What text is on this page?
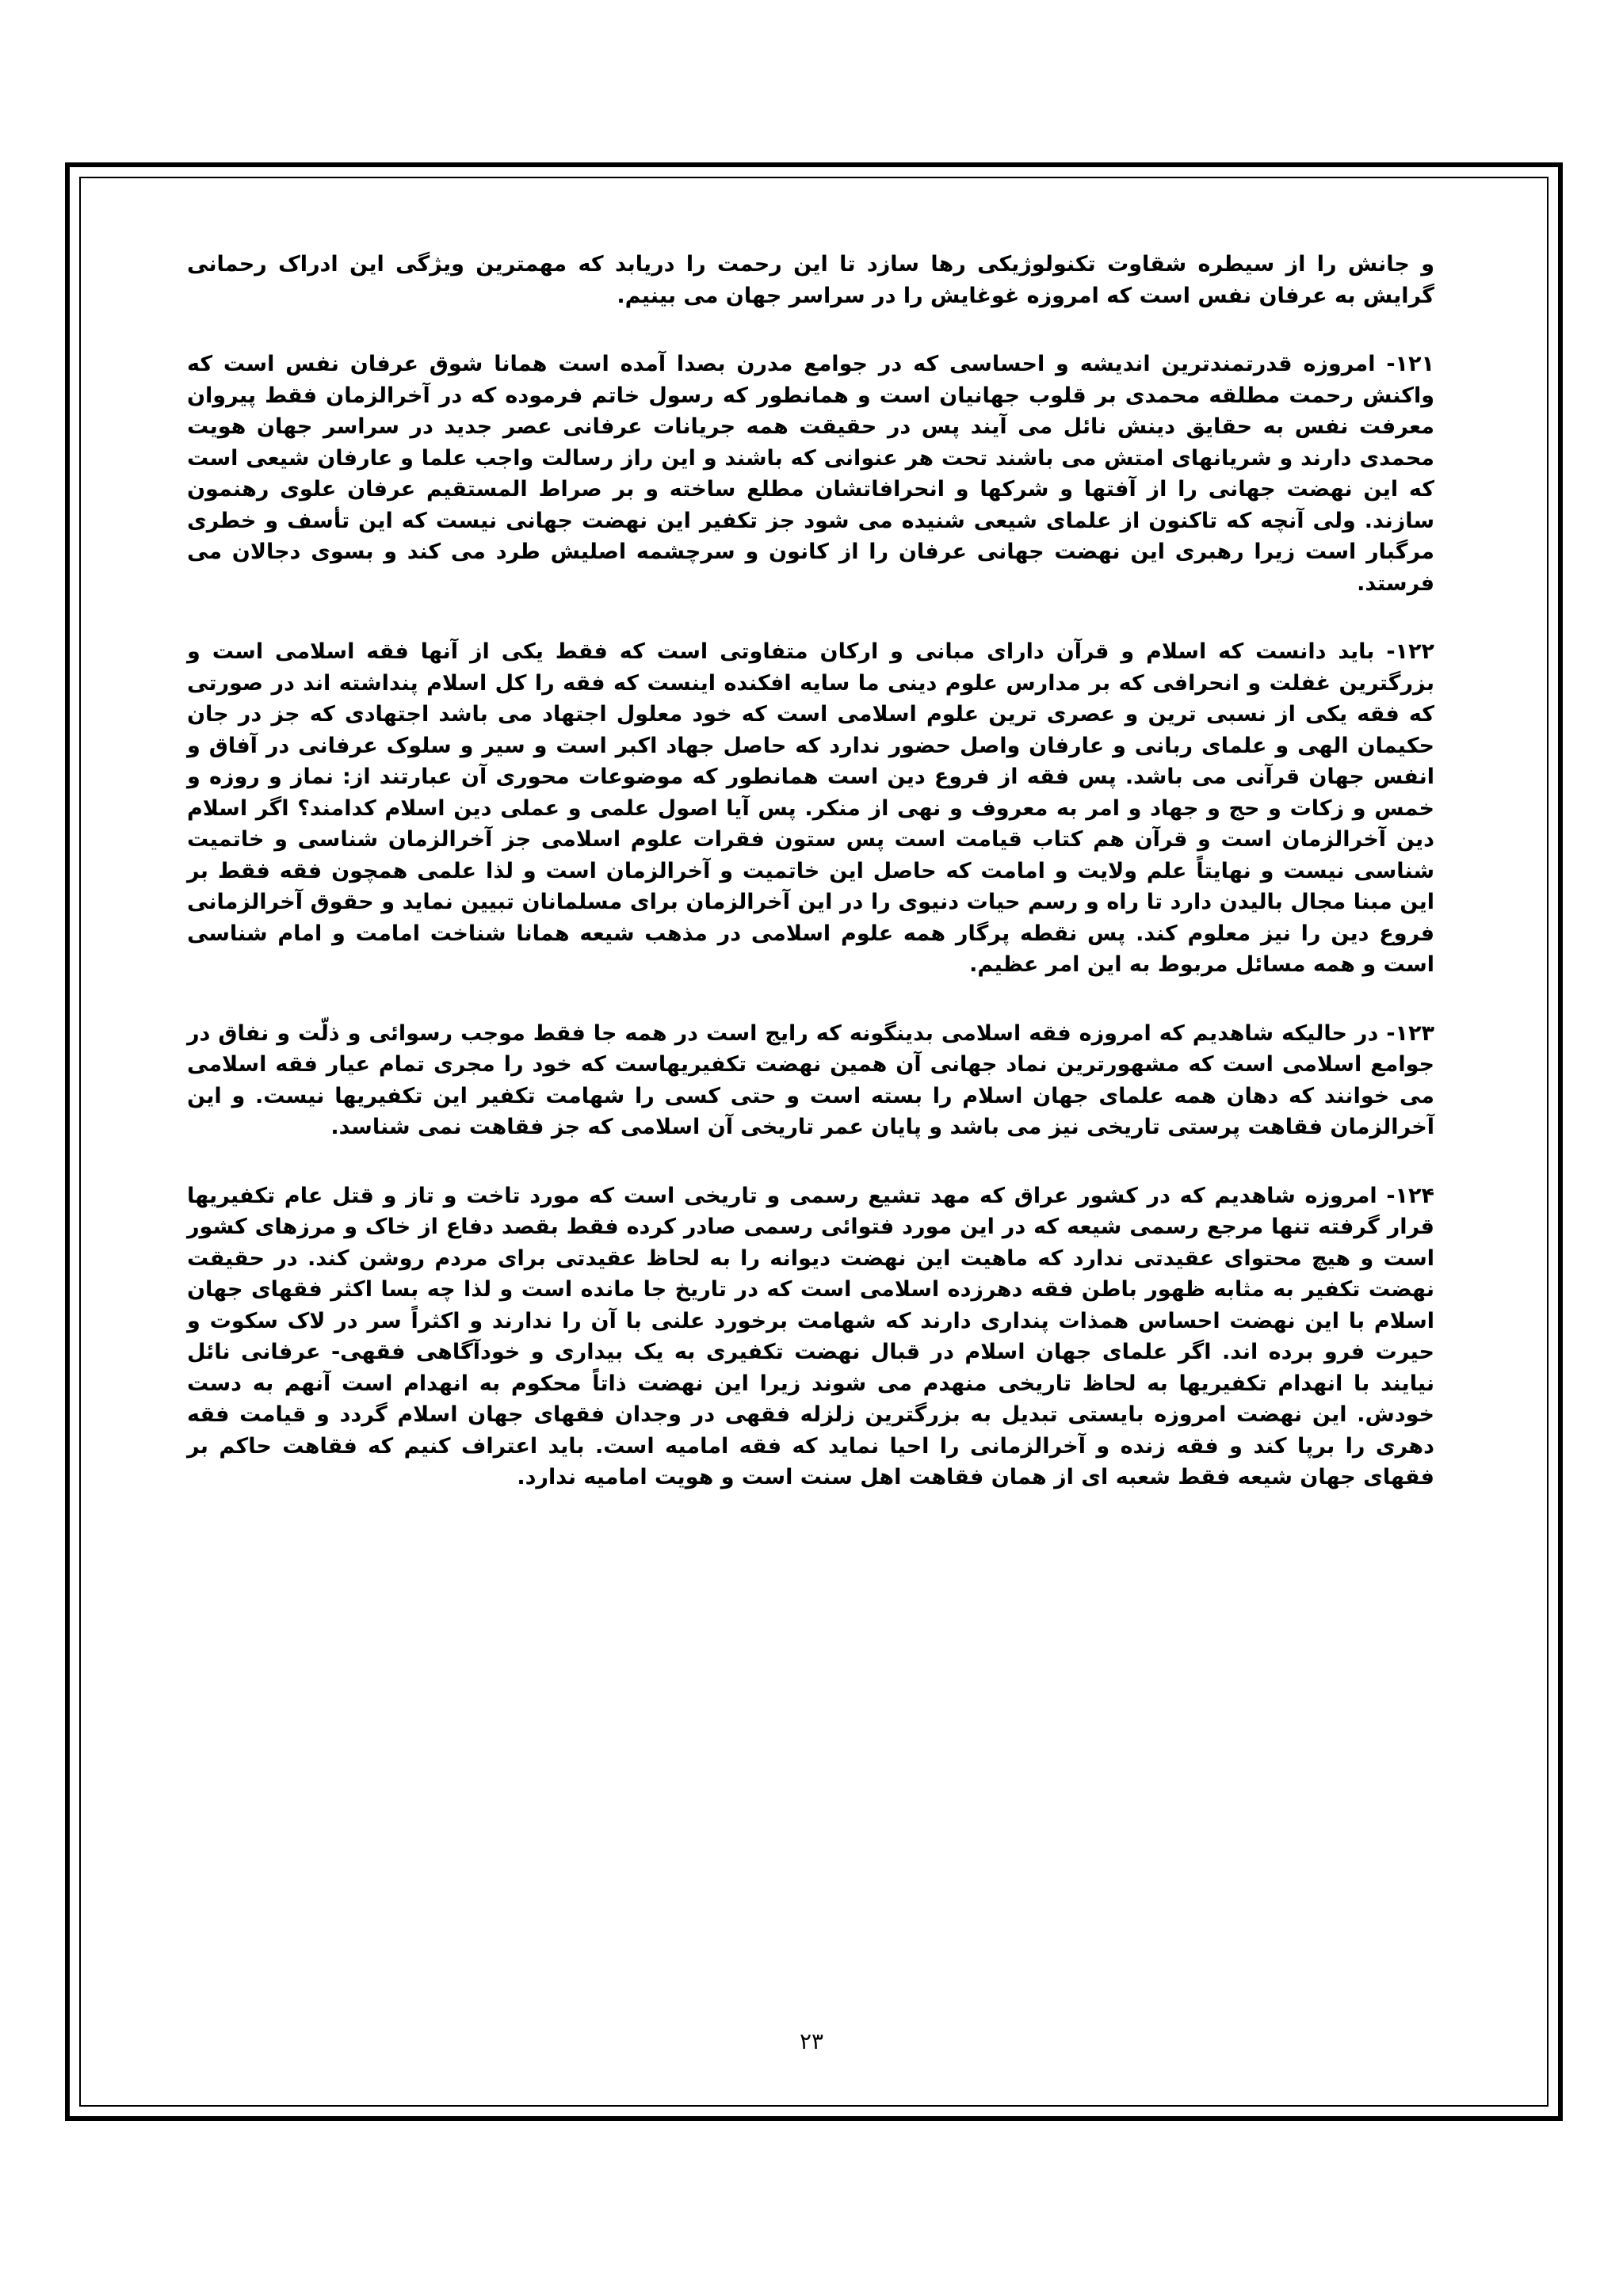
و جانش را از سیطره شقاوت تکنولوژیکی رها سازد تا این رحمت را دریابد که مهمترین ویژگی این ادراک رحمانی گرایش به عرفان نفس است که امروزه غوغایش را در سراسر جهان می بینیم.

۱۲۱- امروزه قدرتمندترین اندیشه و احساسی که در جوامع مدرن بصدا آمده است همانا شوق عرفان نفس است که واکنش رحمت مطلقه محمدی بر قلوب جهانیان است و همانطور که رسول خاتم فرموده که در آخرالزمان فقط پیروان معرفت نفس به حقایق دینش نائل می آیند پس در حقیقت همه جریانات عرفانی عصر جدید در سراسر جهان هویت محمدی دارند و شریانهای امتش می باشند تحت هر عنوانی که باشند و این راز رسالت واجب علما و عارفان شیعی است که این نهضت جهانی را از آفتها و شرکها و انحرافاتشان مطلع ساخته و بر صراط المستقیم عرفان علوی رهنمون سازند. ولی آنچه که تاکنون از علمای شیعی شنیده می شود جز تکفیر این نهضت جهانی نیست که این تأسف و خطری مرگبار است زیرا رهبری این نهضت جهانی عرفان را از کانون و سرچشمه اصلیش طرد می کند و بسوی دجالان می فرستد.

۱۲۲- باید دانست که اسلام و قرآن دارای مبانی و ارکان متفاوتی است که فقط یکی از آنها فقه اسلامی است و بزرگترین غفلت و انحرافی که بر مدارس علوم دینی ما سایه افکنده اینست که فقه را کل اسلام پنداشته اند در صورتی که فقه یکی از نسبی ترین و عصری ترین علوم اسلامی است که خود معلول اجتهاد می باشد اجتهادی که جز در جان حکیمان الهی و علمای ربانی و عارفان واصل حضور ندارد که حاصل جهاد اکبر است و سیر و سلوک عرفانی در آفاق و انفس جهان قرآنی می باشد. پس فقه از فروع دین است همانطور که موضوعات محوری آن عبارتند از: نماز و روزه و خمس و زکات و حج و جهاد و امر به معروف و نهی از منکر. پس آیا اصول علمی و عملی دین اسلام کدامند؟ اگر اسلام دین آخرالزمان است و قرآن هم کتاب قیامت است پس ستون فقرات علوم اسلامی جز آخرالزمان شناسی و خاتمیت شناسی نیست و نهایتاً علم ولایت و امامت که حاصل این خاتمیت و آخرالزمان است و لذا علمی همچون فقه فقط بر این مبنا مجال بالیدن دارد تا راه و رسم حیات دنیوی را در این آخرالزمان برای مسلمانان تبیین نماید و حقوق آخرالزمانی فروع دین را نیز معلوم کند. پس نقطه پرگار همه علوم اسلامی در مذهب شیعه همانا شناخت امامت و امام شناسی است و همه مسائل مربوط به این امر عظیم.

۱۲۳- در حالیکه شاهدیم که امروزه فقه اسلامی بدینگونه که رایج است در همه جا فقط موجب رسوائی و ذلّت و نفاق در جوامع اسلامی است که مشهورترین نماد جهانی آن همین نهضت تکفیریهاست که خود را مجری تمام عیار فقه اسلامی می خوانند که دهان همه علمای جهان اسلام را بسته است و حتی کسی را شهامت تکفیر این تکفیریها نیست. و این آخرالزمان فقاهت پرستی تاریخی نیز می باشد و پایان عمر تاریخی آن اسلامی که جز فقاهت نمی شناسد.

۱۲۴- امروزه شاهدیم که در کشور عراق که مهد تشیع رسمی و تاریخی است که مورد تاخت و تاز و قتل عام تکفیریها قرار گرفته تنها مرجع رسمی شیعه که در این مورد فتوائی رسمی صادر کرده فقط بقصد دفاع از خاک و مرزهای کشور است و هیچ محتوای عقیدتی ندارد که ماهیت این نهضت دیوانه را به لحاظ عقیدتی برای مردم روشن کند. در حقیقت نهضت تکفیر به مثابه ظهور باطن فقه دهرزده اسلامی است که در تاریخ جا مانده است و لذا چه بسا اکثر فقهای جهان اسلام با این نهضت احساس همذات پنداری دارند که شهامت برخورد علنی با آن را ندارند و اکثراً سر در لاک سکوت و حیرت فرو برده اند. اگر علمای جهان اسلام در قبال نهضت تکفیری به یک بیداری و خودآگاهی فقهی- عرفانی نائل نیایند با انهدام تکفیریها به لحاظ تاریخی منهدم می شوند زیرا این نهضت ذاتاً محکوم به انهدام است آنهم به دست خودش. این نهضت امروزه بایستی تبدیل به بزرگترین زلزله فقهی در وجدان فقهای جهان اسلام گردد و قیامت فقه دهری را برپا کند و فقه زنده و آخرالزمانی را احیا نماید که فقه امامیه است. باید اعتراف کنیم که فقاهت حاکم بر فقهای جهان شیعه فقط شعبه ای از همان فقاهت اهل سنت است و هویت امامیه ندارد.

۲۳
